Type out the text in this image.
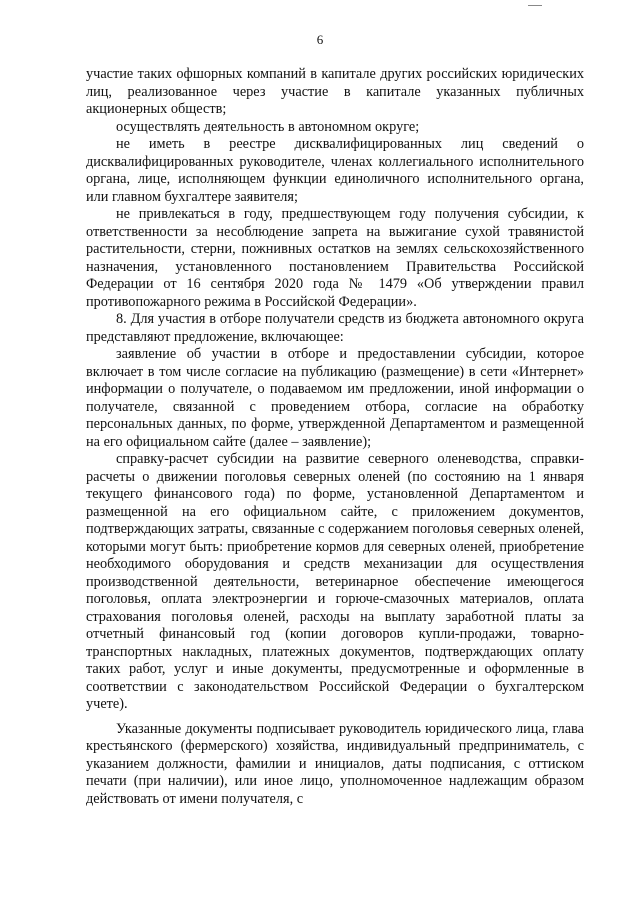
6

участие таких офшорных компаний в капитале других российских юридических лиц, реализованное через участие в капитале указанных публичных акционерных обществ;

осуществлять деятельность в автономном округе;

не иметь в реестре дисквалифицированных лиц сведений о дисквалифицированных руководителе, членах коллегиального исполнительного органа, лице, исполняющем функции единоличного исполнительного органа, или главном бухгалтере заявителя;

не привлекаться в году, предшествующем году получения субсидии, к ответственности за несоблюдение запрета на выжигание сухой травянистой растительности, стерни, пожнивных остатков на землях сельскохозяйственного назначения, установленного постановлением Правительства Российской Федерации от 16 сентября 2020 года № 1479 «Об утверждении правил противопожарного режима в Российской Федерации».

8. Для участия в отборе получатели средств из бюджета автономного округа представляют предложение, включающее:

заявление об участии в отборе и предоставлении субсидии, которое включает в том числе согласие на публикацию (размещение) в сети «Интернет» информации о получателе, о подаваемом им предложении, иной информации о получателе, связанной с проведением отбора, согласие на обработку персональных данных, по форме, утвержденной Департаментом и размещенной на его официальном сайте (далее – заявление);

справку-расчет субсидии на развитие северного оленеводства, справки-расчеты о движении поголовья северных оленей (по состоянию на 1 января текущего финансового года) по форме, установленной Департаментом и размещенной на его официальном сайте, с приложением документов, подтверждающих затраты, связанные с содержанием поголовья северных оленей, которыми могут быть: приобретение кормов для северных оленей, приобретение необходимого оборудования и средств механизации для осуществления производственной деятельности, ветеринарное обеспечение имеющегося поголовья, оплата электроэнергии и горюче-смазочных материалов, оплата страхования поголовья оленей, расходы на выплату заработной платы за отчетный финансовый год (копии договоров купли-продажи, товарно-транспортных накладных, платежных документов, подтверждающих оплату таких работ, услуг и иные документы, предусмотренные и оформленные в соответствии с законодательством Российской Федерации о бухгалтерском учете).

Указанные документы подписывает руководитель юридического лица, глава крестьянского (фермерского) хозяйства, индивидуальный предприниматель, с указанием должности, фамилии и инициалов, даты подписания, с оттиском печати (при наличии), или иное лицо, уполномоченное надлежащим образом действовать от имени получателя, с
